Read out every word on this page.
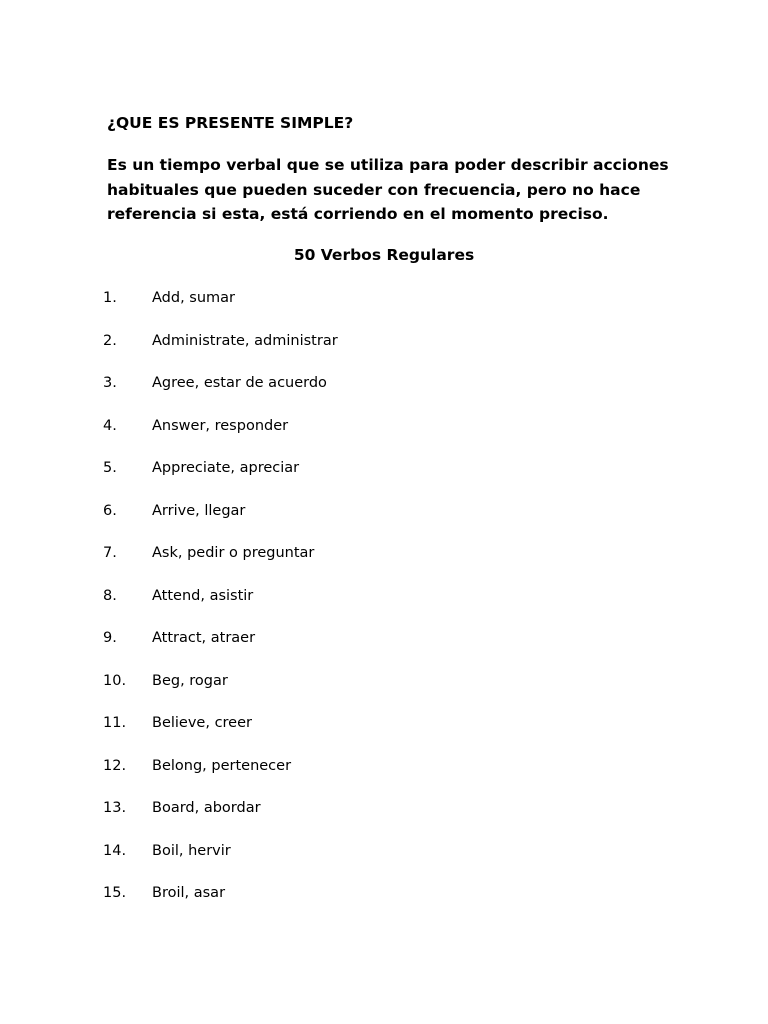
¿QUE ES PRESENTE SIMPLE?
Es un tiempo verbal que se utiliza para poder describir acciones
habituales que pueden suceder con frecuencia, pero no hace
referencia si esta, está corriendo en el momento preciso.
50 Verbos Regulares
1. Add, sumar
2. Administrate, administrar
3. Agree, estar de acuerdo
4. Answer, responder
5. Appreciate, apreciar
6. Arrive, llegar
7. Ask, pedir o preguntar
8. Attend, asistir
9. Attract, atraer
10. Beg, rogar
11. Believe, creer
12. Belong, pertenecer
13. Board, abordar
14. Boil, hervir
15. Broil, asar
